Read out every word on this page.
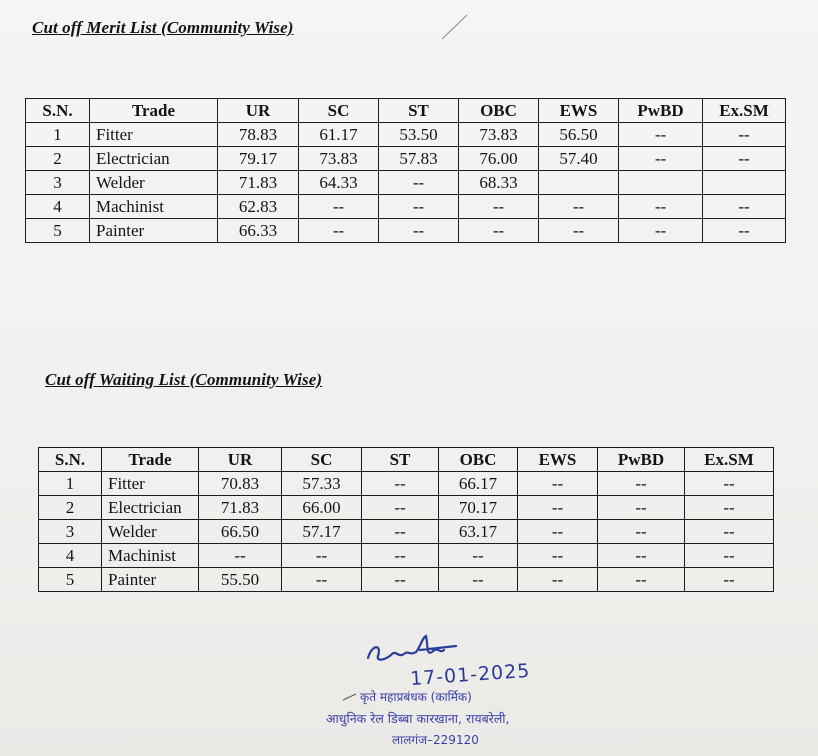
Cut off Merit List (Community Wise)
S.N.	Trade	UR	SC	ST	OBC	EWS	PwBD	Ex.SM
1	Fitter	78.83	61.17	53.50	73.83	56.50	--	--
2	Electrician	79.17	73.83	57.83	76.00	57.40	--	--
3	Welder	71.83	64.33	--	68.33			
4	Machinist	62.83	--	--	--	--	--	--
5	Painter	66.33	--	--	--	--	--	--
Cut off Waiting List (Community Wise)
S.N.	Trade	UR	SC	ST	OBC	EWS	PwBD	Ex.SM
1	Fitter	70.83	57.33	--	66.17	--	--	--
2	Electrician	71.83	66.00	--	70.17	--	--	--
3	Welder	66.50	57.17	--	63.17	--	--	--
4	Machinist	--	--	--	--	--	--	--
5	Painter	55.50	--	--	--	--	--	--
17-01-2025
कृते महाप्रबंधक (कार्मिक)
आधुनिक रेल डिब्बा कारखाना, रायबरेली,
लालगंज–229120
